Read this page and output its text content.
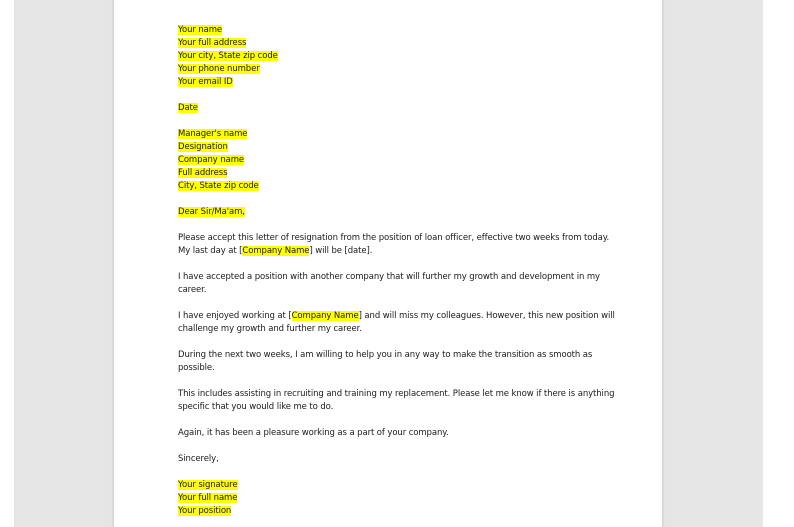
Your name
Your full address
Your city, State zip code
Your phone number
Your email ID
Date
Manager's name
Designation
Company name
Full address
City, State zip code
Dear Sir/Ma'am,
Please accept this letter of resignation from the position of loan officer, effective two weeks from today.
My last day at [Company Name] will be [date].
I have accepted a position with another company that will further my growth and development in my
career.
I have enjoyed working at [Company Name] and will miss my colleagues. However, this new position will
challenge my growth and further my career.
During the next two weeks, I am willing to help you in any way to make the transition as smooth as
possible.
This includes assisting in recruiting and training my replacement. Please let me know if there is anything
specific that you would like me to do.
Again, it has been a pleasure working as a part of your company.
Sincerely,
Your signature
Your full name
Your position
